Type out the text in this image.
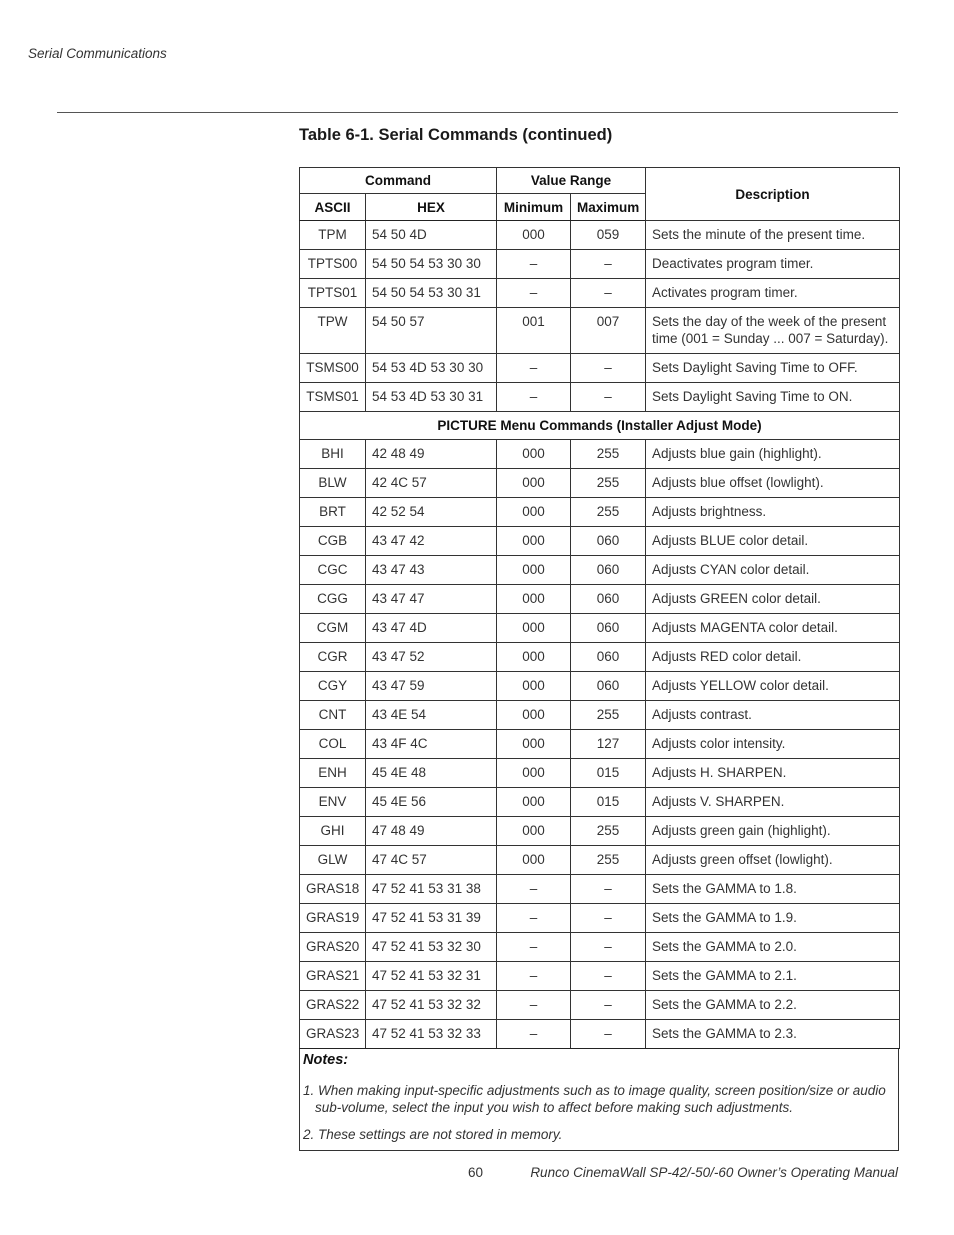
Serial Communications
Table 6-1. Serial Commands (continued)
Command		Value Range		Description
ASCII	HEX	Minimum	Maximum	
TPM	54 50 4D	000	059	Sets the minute of the present time.
TPTS00	54 50 54 53 30 30	–	–	Deactivates program timer.
TPTS01	54 50 54 53 30 31	–	–	Activates program timer.
TPW	54 50 57	001	007	Sets the day of the week of the present time (001 = Sunday ... 007 = Saturday).
TSMS00	54 53 4D 53 30 30	–	–	Sets Daylight Saving Time to OFF.
TSMS01	54 53 4D 53 30 31	–	–	Sets Daylight Saving Time to ON.
PICTURE Menu Commands (Installer Adjust Mode)				
BHI	42 48 49	000	255	Adjusts blue gain (highlight).
BLW	42 4C 57	000	255	Adjusts blue offset (lowlight).
BRT	42 52 54	000	255	Adjusts brightness.
CGB	43 47 42	000	060	Adjusts BLUE color detail.
CGC	43 47 43	000	060	Adjusts CYAN color detail.
CGG	43 47 47	000	060	Adjusts GREEN color detail.
CGM	43 47 4D	000	060	Adjusts MAGENTA color detail.
CGR	43 47 52	000	060	Adjusts RED color detail.
CGY	43 47 59	000	060	Adjusts YELLOW color detail.
CNT	43 4E 54	000	255	Adjusts contrast.
COL	43 4F 4C	000	127	Adjusts color intensity.
ENH	45 4E 48	000	015	Adjusts H. SHARPEN.
ENV	45 4E 56	000	015	Adjusts V. SHARPEN.
GHI	47 48 49	000	255	Adjusts green gain (highlight).
GLW	47 4C 57	000	255	Adjusts green offset (lowlight).
GRAS18	47 52 41 53 31 38	–	–	Sets the GAMMA to 1.8.
GRAS19	47 52 41 53 31 39	–	–	Sets the GAMMA to 1.9.
GRAS20	47 52 41 53 32 30	–	–	Sets the GAMMA to 2.0.
GRAS21	47 52 41 53 32 31	–	–	Sets the GAMMA to 2.1.
GRAS22	47 52 41 53 32 32	–	–	Sets the GAMMA to 2.2.
GRAS23	47 52 41 53 32 33	–	–	Sets the GAMMA to 2.3.
Notes:
1. When making input-specific adjustments such as to image quality, screen position/size or audio
sub-volume, select the input you wish to affect before making such adjustments.
2. These settings are not stored in memory.
60	Runco CinemaWall SP-42/-50/-60 Owner’s Operating Manual
